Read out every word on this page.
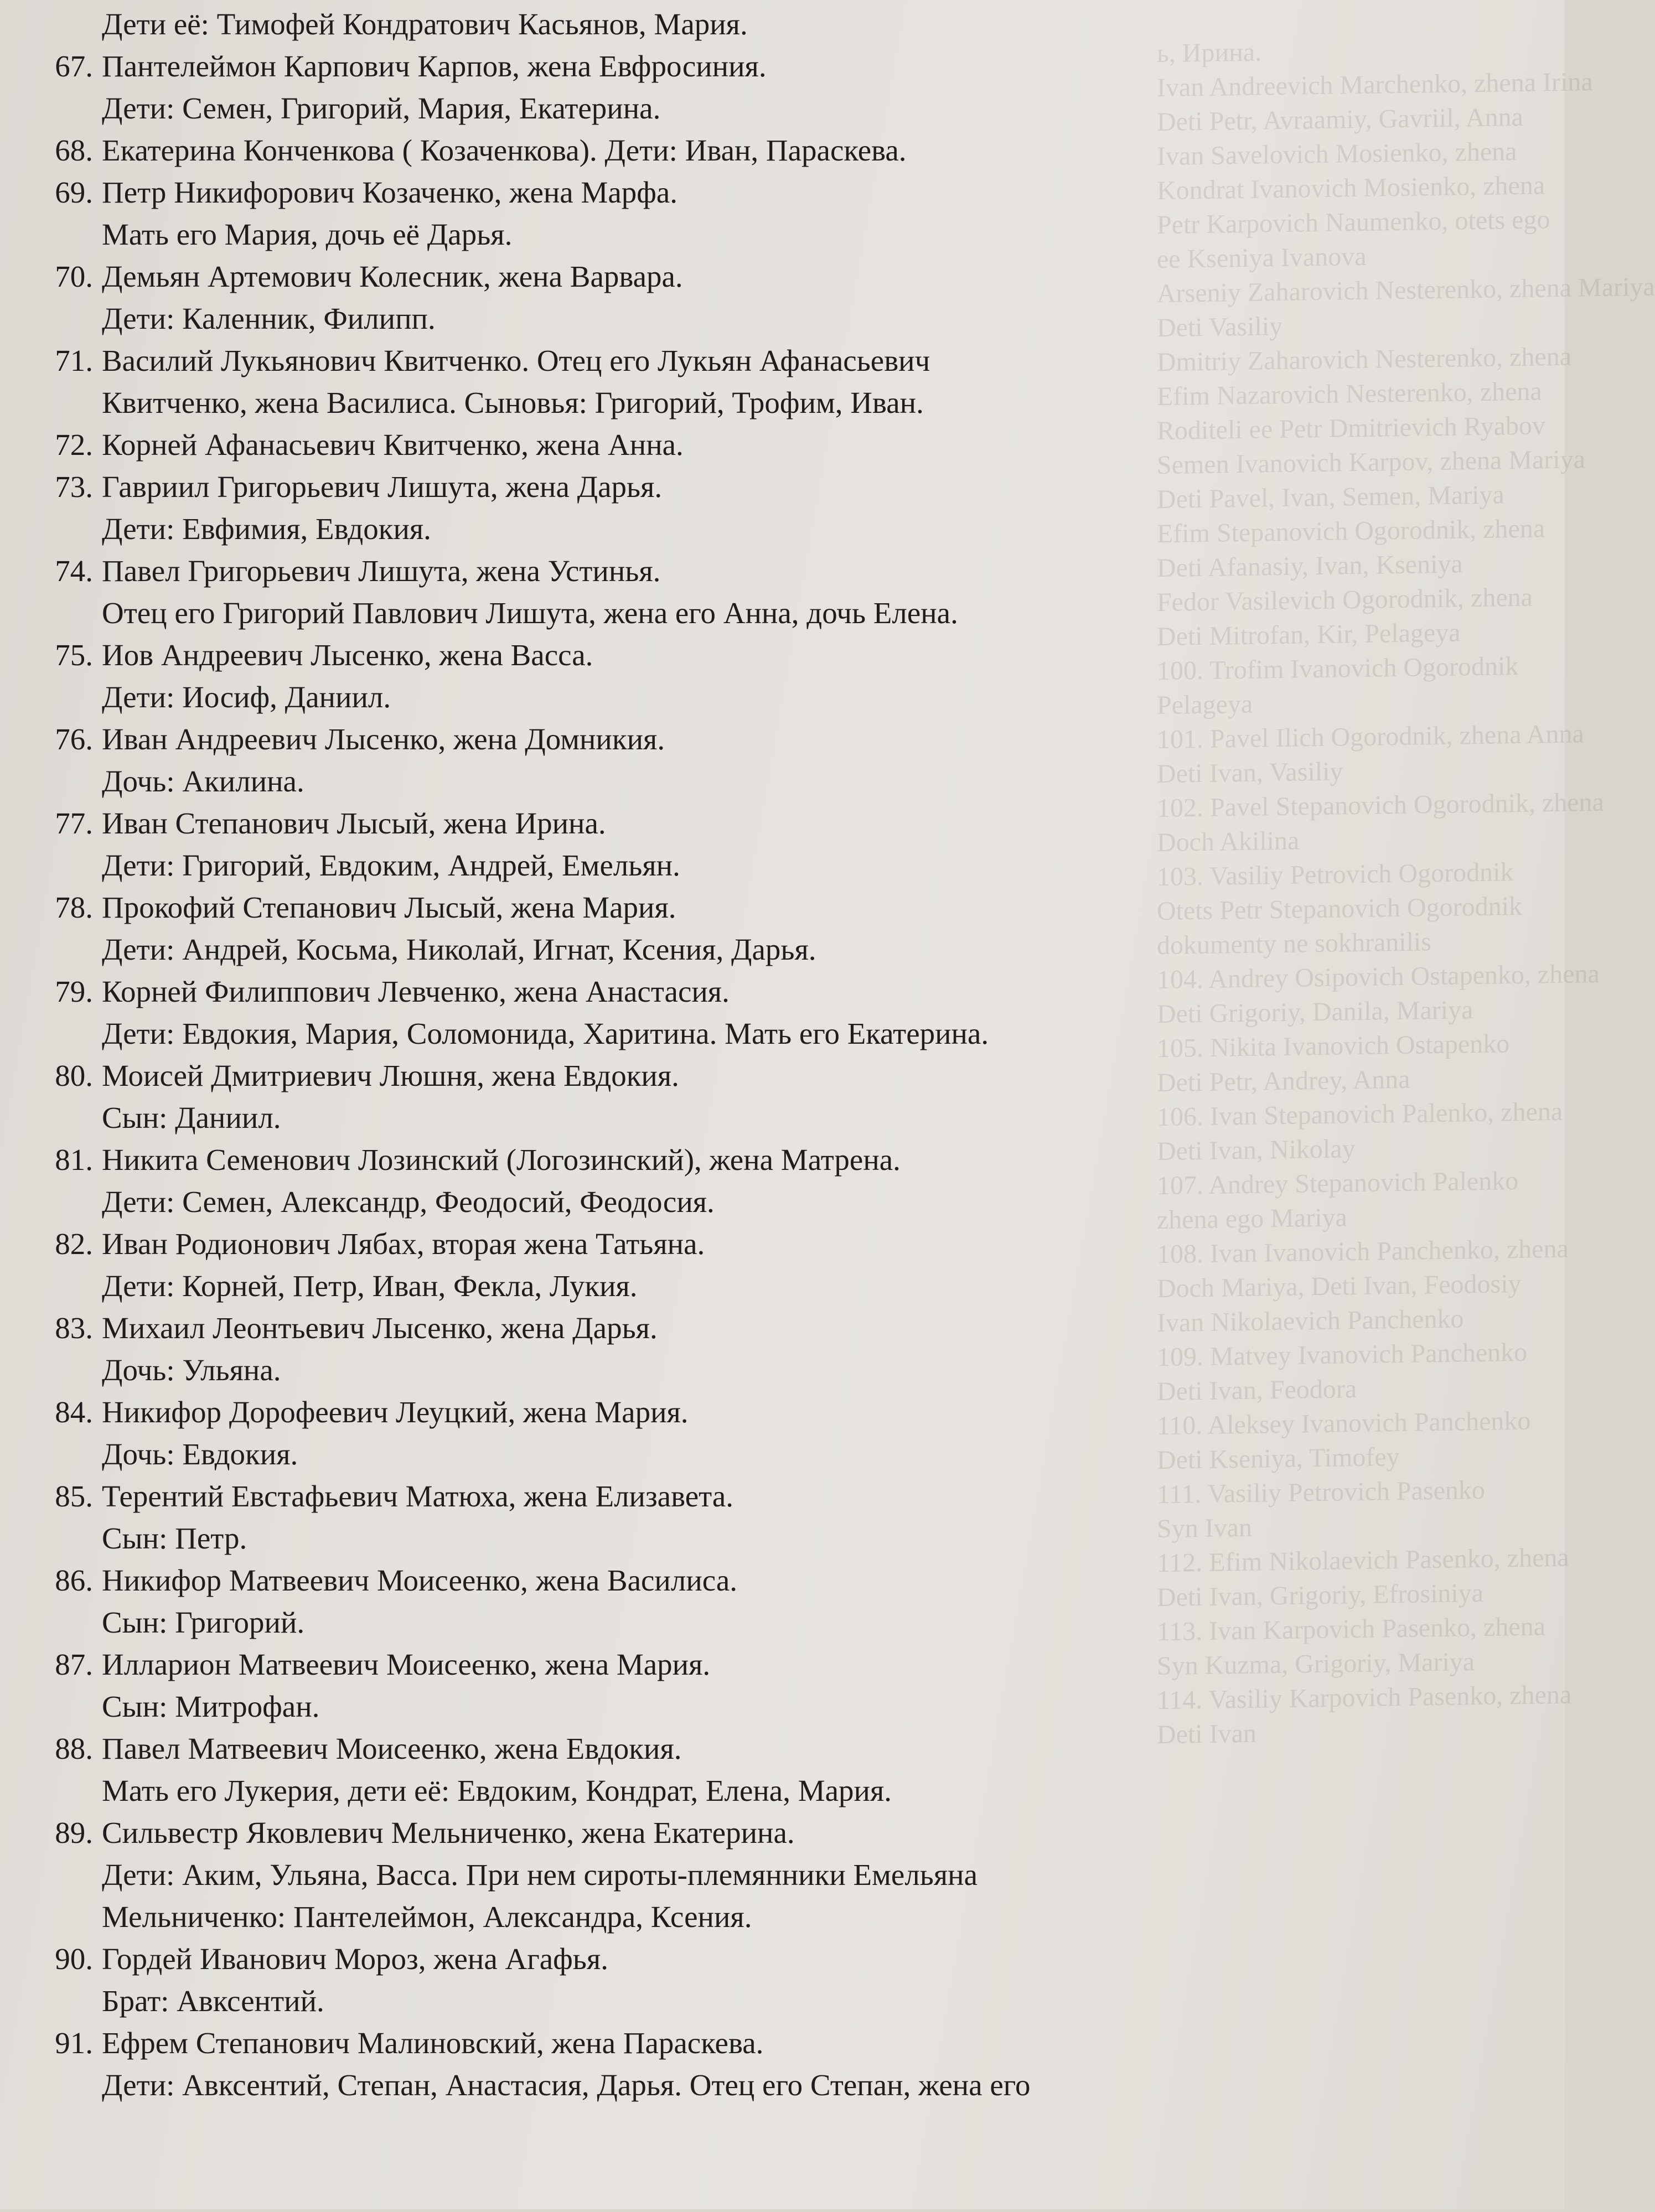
ь, Ирина.
Ivan Andreevich Marchenko, zhena Irina
Deti Petr, Avraamiy, Gavriil, Anna
Ivan Savelovich Mosienko, zhena
Kondrat Ivanovich Mosienko, zhena
Petr Karpovich Naumenko, otets ego
ee Kseniya Ivanova
Arseniy Zaharovich Nesterenko, zhena Mariya
Deti Vasiliy
Dmitriy Zaharovich Nesterenko, zhena
Efim Nazarovich Nesterenko, zhena
Roditeli ee Petr Dmitrievich Ryabov
Semen Ivanovich Karpov, zhena Mariya
Deti Pavel, Ivan, Semen, Mariya
Efim Stepanovich Ogorodnik, zhena
Deti Afanasiy, Ivan, Kseniya
Fedor Vasilevich Ogorodnik, zhena
Deti Mitrofan, Kir, Pelageya
100. Trofim Ivanovich Ogorodnik
Pelageya
101. Pavel Ilich Ogorodnik, zhena Anna
Deti Ivan, Vasiliy
102. Pavel Stepanovich Ogorodnik, zhena
Doch Akilina
103. Vasiliy Petrovich Ogorodnik
Otets Petr Stepanovich Ogorodnik
dokumenty ne sokhranilis
104. Andrey Osipovich Ostapenko, zhena
Deti Grigoriy, Danila, Mariya
105. Nikita Ivanovich Ostapenko
Deti Petr, Andrey, Anna
106. Ivan Stepanovich Palenko, zhena
Deti Ivan, Nikolay
107. Andrey Stepanovich Palenko
zhena ego Mariya
108. Ivan Ivanovich Panchenko, zhena
Doch Mariya, Deti Ivan, Feodosiy
Ivan Nikolaevich Panchenko
109. Matvey Ivanovich Panchenko
Deti Ivan, Feodora
110. Aleksey Ivanovich Panchenko
Deti Kseniya, Timofey
111. Vasiliy Petrovich Pasenko
Syn Ivan
112. Efim Nikolaevich Pasenko, zhena
Deti Ivan, Grigoriy, Efrosiniya
113. Ivan Karpovich Pasenko, zhena
Syn Kuzma, Grigoriy, Mariya
114. Vasiliy Karpovich Pasenko, zhena
Deti Ivan
Дети её: Тимофей Кондратович Касьянов, Мария.
67. Пантелеймон Карпович Карпов, жена Евфросиния.
Дети: Семен, Григорий, Мария, Екатерина.
68. Екатерина Конченкова ( Козаченкова). Дети: Иван, Параскева.
69. Петр Никифорович Козаченко, жена Марфа.
Мать его Мария, дочь её Дарья.
70. Демьян Артемович Колесник, жена Варвара.
Дети: Каленник, Филипп.
71. Василий Лукьянович Квитченко. Отец его Лукьян Афанасьевич
Квитченко, жена Василиса. Сыновья: Григорий, Трофим, Иван.
72. Корней Афанасьевич Квитченко, жена Анна.
73. Гавриил Григорьевич Лишута, жена Дарья.
Дети: Евфимия, Евдокия.
74. Павел Григорьевич Лишута, жена Устинья.
Отец его Григорий Павлович Лишута, жена его Анна, дочь Елена.
75. Иов Андреевич Лысенко, жена Васса.
Дети: Иосиф, Даниил.
76. Иван Андреевич Лысенко, жена Домникия.
Дочь: Акилина.
77. Иван Степанович Лысый, жена Ирина.
Дети: Григорий, Евдоким, Андрей, Емельян.
78. Прокофий Степанович Лысый, жена Мария.
Дети: Андрей, Косьма, Николай, Игнат, Ксения, Дарья.
79. Корней Филиппович Левченко, жена Анастасия.
Дети: Евдокия, Мария, Соломонида, Харитина. Мать его Екатерина.
80. Моисей Дмитриевич Люшня, жена Евдокия.
Сын: Даниил.
81. Никита Семенович Лозинский (Логозинский), жена Матрена.
Дети: Семен, Александр, Феодосий, Феодосия.
82. Иван Родионович Лябах, вторая жена Татьяна.
Дети: Корней, Петр, Иван, Фекла, Лукия.
83. Михаил Леонтьевич Лысенко, жена Дарья.
Дочь: Ульяна.
84. Никифор Дорофеевич Леуцкий, жена Мария.
Дочь: Евдокия.
85. Терентий Евстафьевич Матюха, жена Елизавета.
Сын: Петр.
86. Никифор Матвеевич Моисеенко, жена Василиса.
Сын: Григорий.
87. Илларион Матвеевич Моисеенко, жена Мария.
Сын: Митрофан.
88. Павел Матвеевич Моисеенко, жена Евдокия.
Мать его Лукерия, дети её: Евдоким, Кондрат, Елена, Мария.
89. Сильвестр Яковлевич Мельниченко, жена Екатерина.
Дети: Аким, Ульяна, Васса. При нем сироты-племянники Емельяна
Мельниченко: Пантелеймон, Александра, Ксения.
90. Гордей Иванович Мороз, жена Агафья.
Брат: Авксентий.
91. Ефрем Степанович Малиновский, жена Параскева.
Дети: Авксентий, Степан, Анастасия, Дарья. Отец его Степан, жена его
